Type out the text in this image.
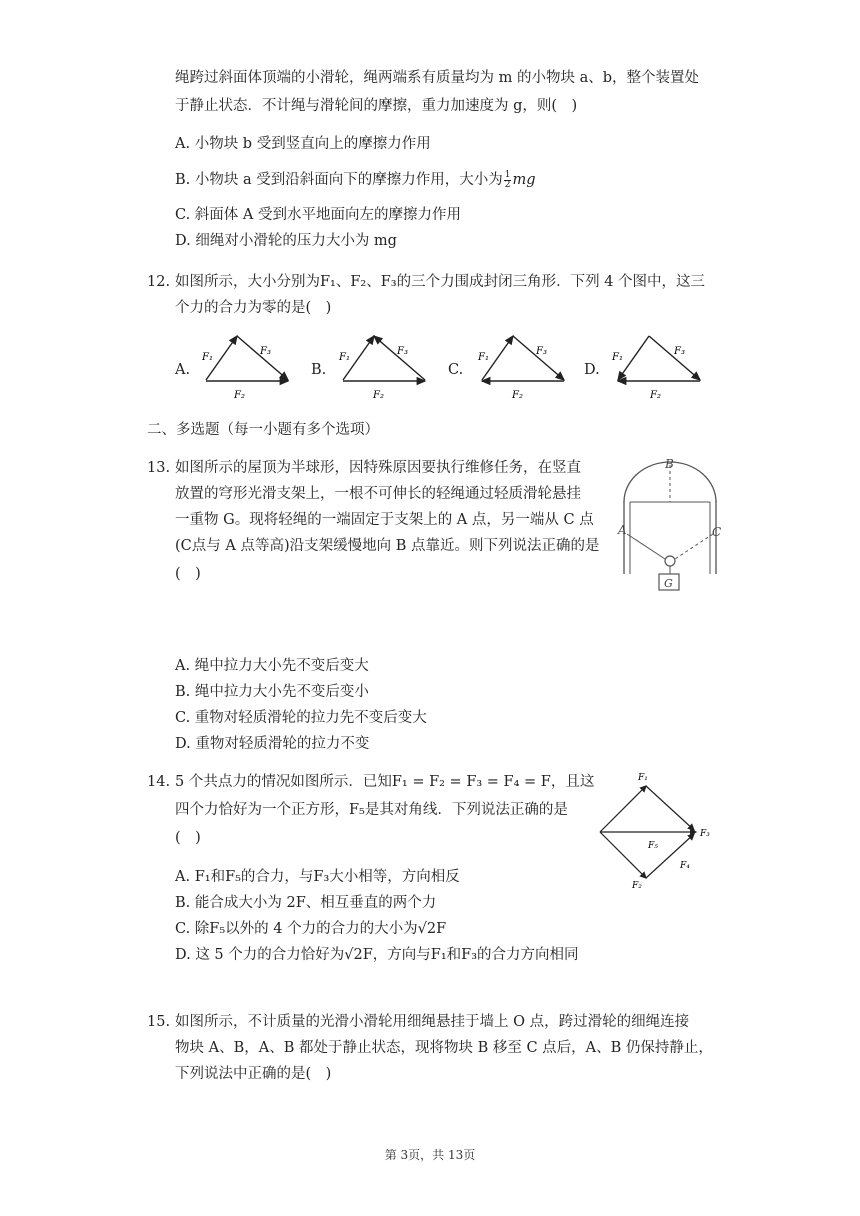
绳跨过斜面体顶端的小滑轮，绳两端系有质量均为 m 的小物块 a、b，整个装置处
于静止状态．不计绳与滑轮间的摩擦，重力加速度为 g，则(　)
A. 小物块 b 受到竖直向上的摩擦力作用
B. 小物块 a 受到沿斜面向下的摩擦力作用，大小为 $\frac{1}{2}$ mg
C. 斜面体 A 受到水平地面向左的摩擦力作用
D. 细绳对小滑轮的压力大小为 mg
12. 如图所示，大小分别为F₁、F₂、F₃的三个力围成封闭三角形．下列 4 个图中，这三
个力的合力为零的是(　)
A.	B.	C.	D.
F₁
F₃
F₂
F₁
F₃
F₂
F₁
F₃
F₂
F₁
F₃
F₂
二、多选题（每一小题有多个选项）
13. 如图所示的屋顶为半球形，因特殊原因要执行维修任务，在竖直
放置的穹形光滑支架上，一根不可伸长的轻绳通过轻质滑轮悬挂
一重物 G。现将轻绳的一端固定于支架上的 A 点，另一端从 C 点
(C点与 A 点等高)沿支架缓慢地向 B 点靠近。则下列说法正确的是
(　)
B
A	C
G
A. 绳中拉力大小先不变后变大
B. 绳中拉力大小先不变后变小
C. 重物对轻质滑轮的拉力先不变后变大
D. 重物对轻质滑轮的拉力不变
14. 5 个共点力的情况如图所示．已知F₁ = F₂ = F₃ = F₄ = F，且这
四个力恰好为一个正方形，F₅是其对角线．下列说法正确的是
(　)
F₁
F₃
F₅
F₄
F₂
A. F₁和F₅的合力，与F₃大小相等，方向相反
B. 能合成大小为 2F、相互垂直的两个力
C. 除F₅以外的 4 个力的合力的大小为√2F
D. 这 5 个力的合力恰好为√2F，方向与F₁和F₃的合力方向相同
15. 如图所示，不计质量的光滑小滑轮用细绳悬挂于墙上 O 点，跨过滑轮的细绳连接
物块 A、B，A、B 都处于静止状态，现将物块 B 移至 C 点后，A、B 仍保持静止，
下列说法中正确的是(　)
第 3页，共 13页
